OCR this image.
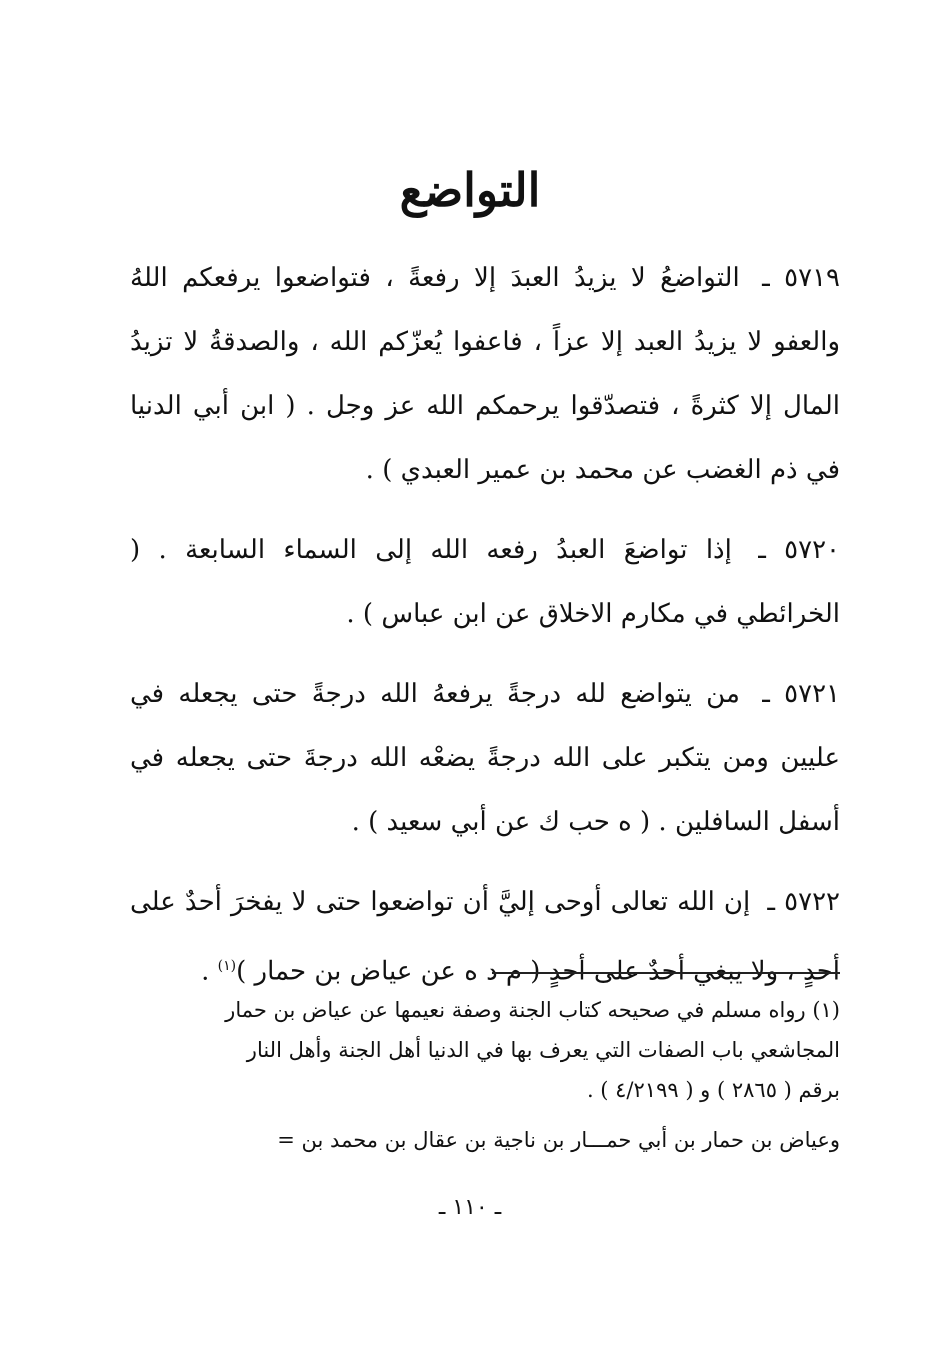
التواضع

٥٧١٩ ـ التواضعُ لا يزيدُ العبدَ إلا رفعةً ، فتواضعوا يرفعكم اللهُ والعفو لا يزيدُ العبد إلا عزاً ، فاعفوا يُعزّكم الله ، والصدقةُ لا تزيدُ المال إلا كثرةً ، فتصدّقوا يرحمكم الله عز وجل . ( ابن أبي الدنيا في ذم الغضب عن محمد بن عمير العبدي ) .

٥٧٢٠ ـ إذا تواضعَ العبدُ رفعه الله إلى السماء السابعة . ( الخرائطي في مكارم الاخلاق عن ابن عباس ) .

٥٧٢١ ـ من يتواضع لله درجةً يرفعهُ الله درجةً حتى يجعله في عليين ومن يتكبر على الله درجةً يضعْه الله درجةَ حتى يجعله في أسفل السافلين . ( ه حب ك عن أبي سعيد ) .

٥٧٢٢ ـ إن الله تعالى أوحى إليَّ أن تواضعوا حتى لا يفخرَ أحدٌ على أحدٍ ، ولا يبغي أحدٌ على أحدٍ ( م د ه عن عياض بن حمار )$^{(١)}$ .

(١) رواه مسلم في صحيحه كتاب الجنة وصفة نعيمها عن عياض بن حمار

المجاشعي باب الصفات التي يعرف بها في الدنيا أهل الجنة وأهل النار

برقم ( ٢٨٦٥ ) و ( ٤/٢١٩٩ ) .

وعياض بن حمار بن أبي حمـــار بن ناجية بن عقال بن محمد بن =

ـ ١١٠ ـ
